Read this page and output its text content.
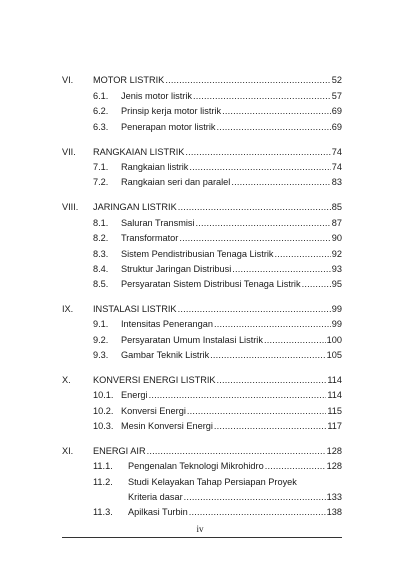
VI. MOTOR LISTRIK .....	52
6.1. Jenis motor listrik .....	57
6.2. Prinsip kerja motor listrik .....	69
6.3. Penerapan motor listrik .....	69
VII. RANGKAIAN LISTRIK .....	74
7.1. Rangkaian listrik .....	74
7.2. Rangkaian seri dan paralel .....	83
VIII. JARINGAN LISTRIK .....	85
8.1. Saluran Transmisi .....	87
8.2. Transformator .....	90
8.3. Sistem Pendistribusian Tenaga Listrik .....	92
8.4. Struktur Jaringan Distribusi .....	93
8.5. Persyaratan Sistem Distribusi Tenaga Listrik .....	95
IX. INSTALASI LISTRIK .....	99
9.1. Intensitas Penerangan .....	99
9.2. Persyaratan Umum Instalasi Listrik .....	100
9.3. Gambar Teknik Listrik .....	105
X. KONVERSI ENERGI LISTRIK .....	114
10.1. Energi .....	114
10.2. Konversi Energi .....	115
10.3. Mesin Konversi Energi .....	117
XI. ENERGI AIR .....	128
11.1. Pengenalan Teknologi Mikrohidro .....	128
11.2. Studi Kelayakan Tahap Persiapan Proyek
Kriteria dasar .....	133
11.3. Apilkasi Turbin .....	138
iv
